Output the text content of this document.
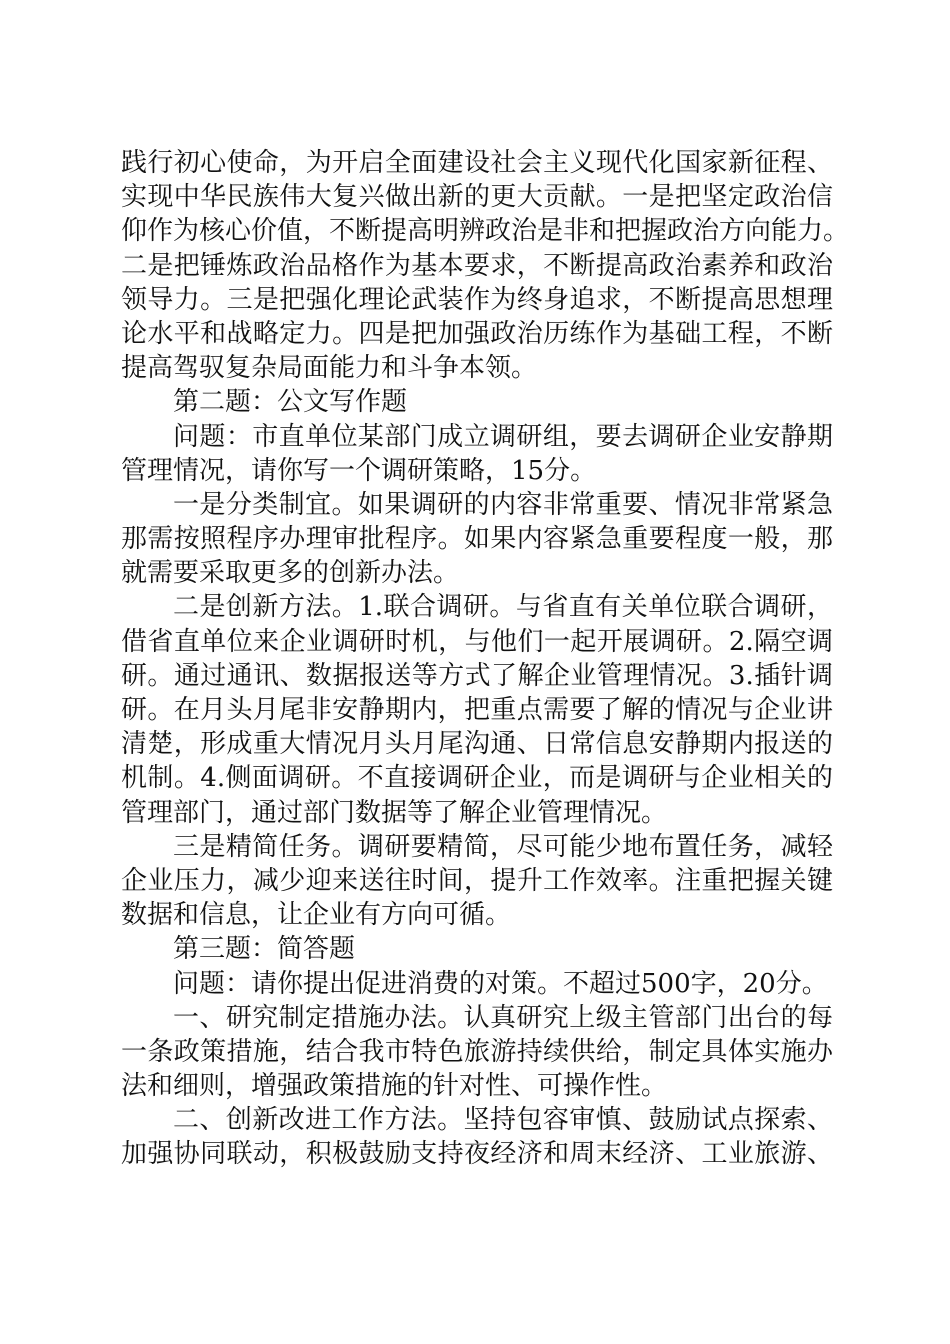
践行初心使命，为开启全面建设社会主义现代化国家新征程、
实现中华民族伟大复兴做出新的更大贡献。一是把坚定政治信
仰作为核心价值，不断提高明辨政治是非和把握政治方向能力。
二是把锤炼政治品格作为基本要求，不断提高政治素养和政治
领导力。三是把强化理论武装作为终身追求，不断提高思想理
论水平和战略定力。四是把加强政治历练作为基础工程，不断
提高驾驭复杂局面能力和斗争本领。
第二题：公文写作题
问题：市直单位某部门成立调研组，要去调研企业安静期
管理情况，请你写一个调研策略，15分。
一是分类制宜。如果调研的内容非常重要、情况非常紧急
那需按照程序办理审批程序。如果内容紧急重要程度一般，那
就需要采取更多的创新办法。
二是创新方法。1.联合调研。与省直有关单位联合调研，
借省直单位来企业调研时机，与他们一起开展调研。2.隔空调
研。通过通讯、数据报送等方式了解企业管理情况。3.插针调
研。在月头月尾非安静期内，把重点需要了解的情况与企业讲
清楚，形成重大情况月头月尾沟通、日常信息安静期内报送的
机制。4.侧面调研。不直接调研企业，而是调研与企业相关的
管理部门，通过部门数据等了解企业管理情况。
三是精简任务。调研要精简，尽可能少地布置任务，减轻
企业压力，减少迎来送往时间，提升工作效率。注重把握关键
数据和信息，让企业有方向可循。
第三题：简答题
问题：请你提出促进消费的对策。不超过500字，20分。
一、研究制定措施办法。认真研究上级主管部门出台的每
一条政策措施，结合我市特色旅游持续供给，制定具体实施办
法和细则，增强政策措施的针对性、可操作性。
二、创新改进工作方法。坚持包容审慎、鼓励试点探索、
加强协同联动，积极鼓励支持夜经济和周末经济、工业旅游、
